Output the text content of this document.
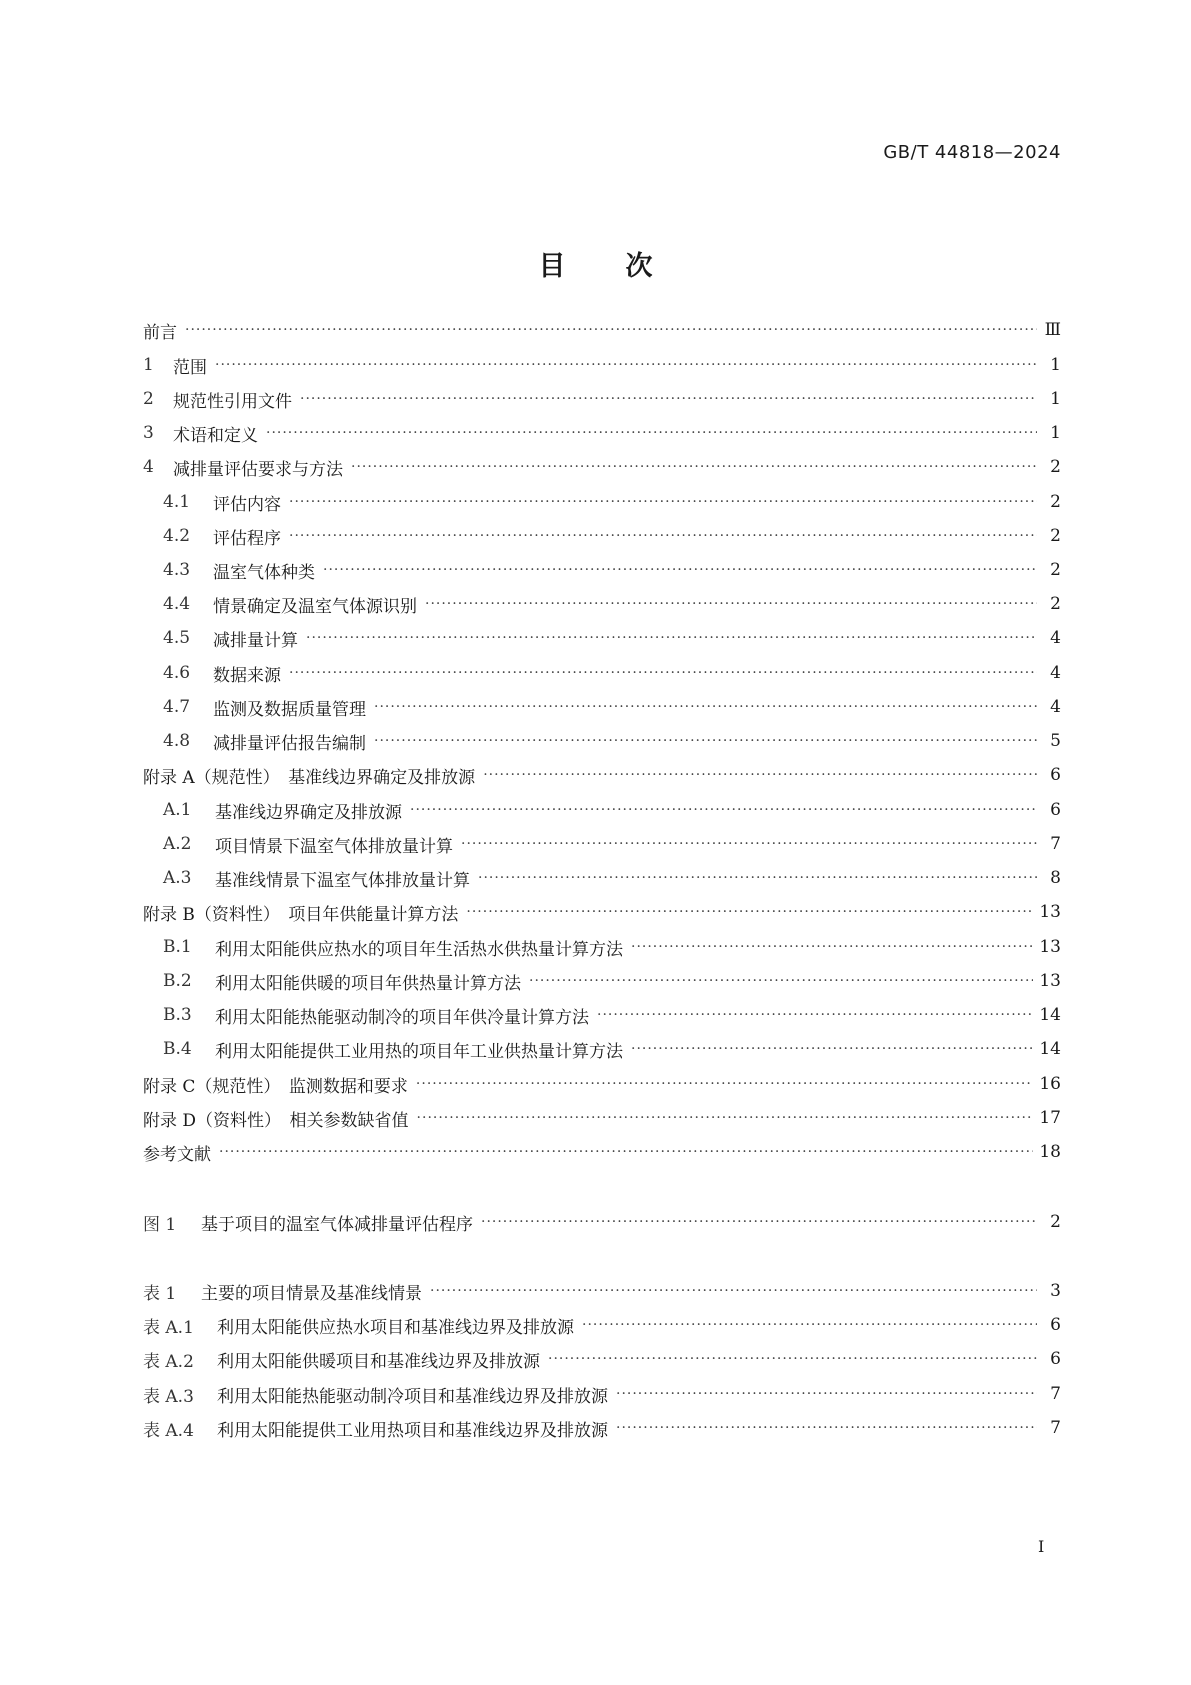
GB/T 44818—2024
目 次
前言 ·····	Ⅲ
1	范围 ·····	1
2	规范性引用文件 ·····	1
3	术语和定义 ·····	1
4	减排量评估要求与方法 ·····	2
4.1	评估内容 ·····	2
4.2	评估程序 ·····	2
4.3	温室气体种类 ·····	2
4.4	情景确定及温室气体源识别 ·····	2
4.5	减排量计算 ·····	4
4.6	数据来源 ·····	4
4.7	监测及数据质量管理 ·····	4
4.8	减排量评估报告编制 ·····	5
附录 A（规范性）　基准线边界确定及排放源 ·····	6
A.1	基准线边界确定及排放源 ·····	6
A.2	项目情景下温室气体排放量计算 ·····	7
A.3	基准线情景下温室气体排放量计算 ·····	8
附录 B（资料性）　项目年供能量计算方法 ·····	13
B.1	利用太阳能供应热水的项目年生活热水供热量计算方法 ·····	13
B.2	利用太阳能供暖的项目年供热量计算方法 ·····	13
B.3	利用太阳能热能驱动制冷的项目年供冷量计算方法 ·····	14
B.4	利用太阳能提供工业用热的项目年工业供热量计算方法 ·····	14
附录 C（规范性）　监测数据和要求 ·····	16
附录 D（资料性）　相关参数缺省值 ·····	17
参考文献 ·····	18
图 1	基于项目的温室气体减排量评估程序 ·····	2
表 1	主要的项目情景及基准线情景 ·····	3
表 A.1	利用太阳能供应热水项目和基准线边界及排放源 ·····	6
表 A.2	利用太阳能供暖项目和基准线边界及排放源 ·····	6
表 A.3	利用太阳能热能驱动制冷项目和基准线边界及排放源 ·····	7
表 A.4	利用太阳能提供工业用热项目和基准线边界及排放源 ·····	7
Ⅰ
